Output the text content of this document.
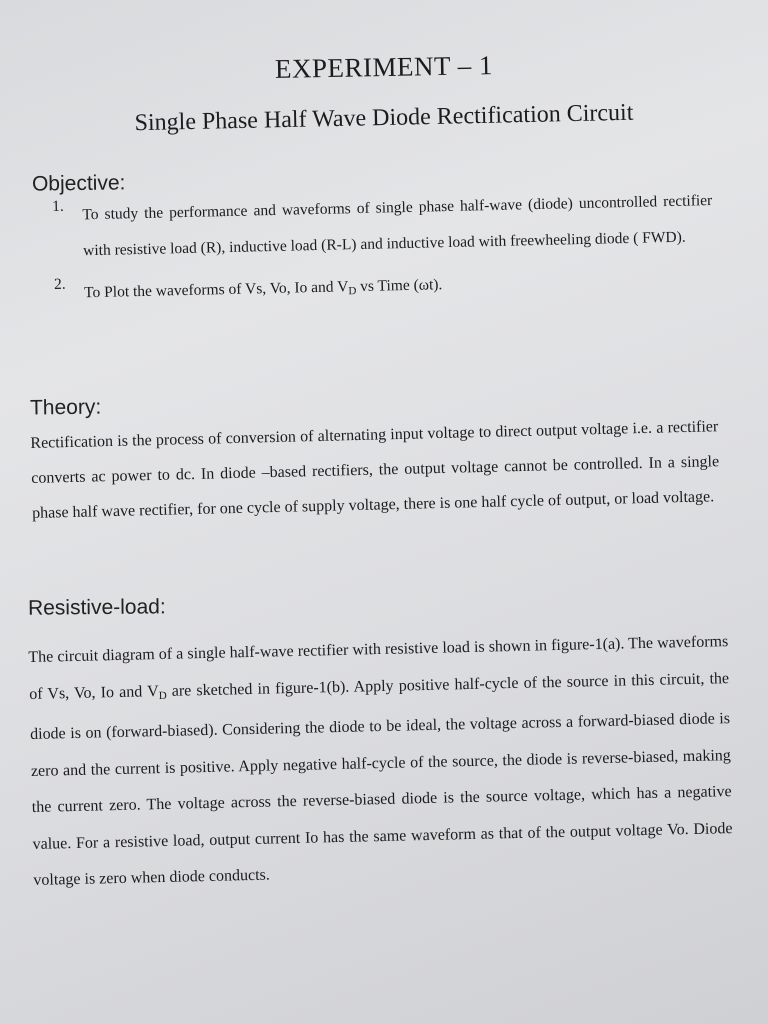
EXPERIMENT – 1
Single Phase Half Wave Diode Rectification Circuit
Objective:
1.	To study the performance and waveforms of single phase half-wave (diode) uncontrolled rectifier with resistive load (R), inductive load (R-L) and inductive load with freewheeling diode ( FWD).
2.	To Plot the waveforms of Vs, Vo, Io and $V_D$ vs Time (ωt).
Theory:
Rectification is the process of conversion of alternating input voltage to direct output voltage i.e. a rectifier converts ac power to dc. In diode –based rectifiers, the output voltage cannot be controlled. In a single phase half wave rectifier, for one cycle of supply voltage, there is one half cycle of output, or load voltage.
Resistive-load:
The circuit diagram of a single half-wave rectifier with resistive load is shown in figure-1(a). The waveforms of Vs, Vo, Io and $V_D$ are sketched in figure-1(b). Apply positive half-cycle of the source in this circuit, the diode is on (forward-biased). Considering the diode to be ideal, the voltage across a forward-biased diode is zero and the current is positive. Apply negative half-cycle of the source, the diode is reverse-biased, making the current zero. The voltage across the reverse-biased diode is the source voltage, which has a negative value. For a resistive load, output current Io has the same waveform as that of the output voltage Vo. Diode voltage is zero when diode conducts.
